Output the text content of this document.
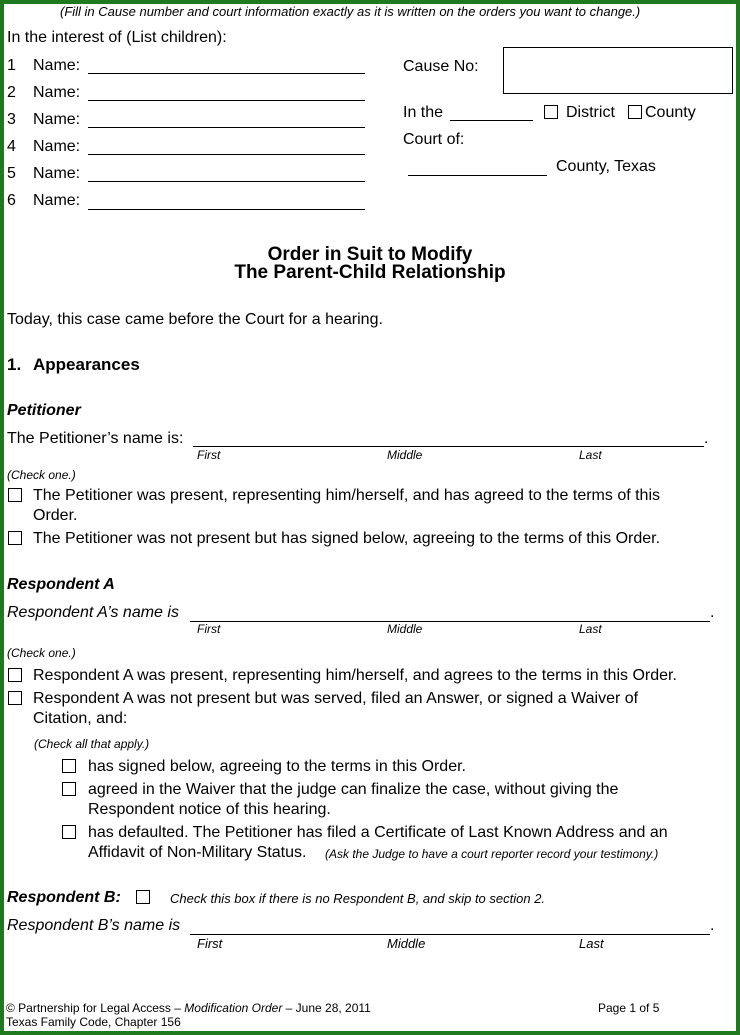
(Fill in Cause number and court information exactly as it is written on the orders you want to change.)
In the interest of (List children):
1 Name:
2 Name:
3 Name:
4 Name:
5 Name:
6 Name:
Cause No:
In the	District County
Court of:
County, Texas
Order in Suit to Modify
The Parent-Child Relationship
Today, this case came before the Court for a hearing.
1. Appearances
Petitioner
The Petitioner’s name is:	.
First	Middle	Last
(Check one.)
The Petitioner was present, representing him/herself, and has agreed to the terms of this
Order.
The Petitioner was not present but has signed below, agreeing to the terms of this Order.
Respondent A
Respondent A’s name is	.
First	Middle	Last
(Check one.)
Respondent A was present, representing him/herself, and agrees to the terms in this Order.
Respondent A was not present but was served, filed an Answer, or signed a Waiver of
Citation, and:
(Check all that apply.)
has signed below, agreeing to the terms in this Order.
agreed in the Waiver that the judge can finalize the case, without giving the
Respondent notice of this hearing.
has defaulted. The Petitioner has filed a Certificate of Last Known Address and an
Affidavit of Non-Military Status. (Ask the Judge to have a court reporter record your testimony.)
Respondent B:	Check this box if there is no Respondent B, and skip to section 2.
Respondent B’s name is	.
First	Middle	Last
© Partnership for Legal Access – Modification Order – June 28, 2011	Page 1 of 5
Texas Family Code, Chapter 156
